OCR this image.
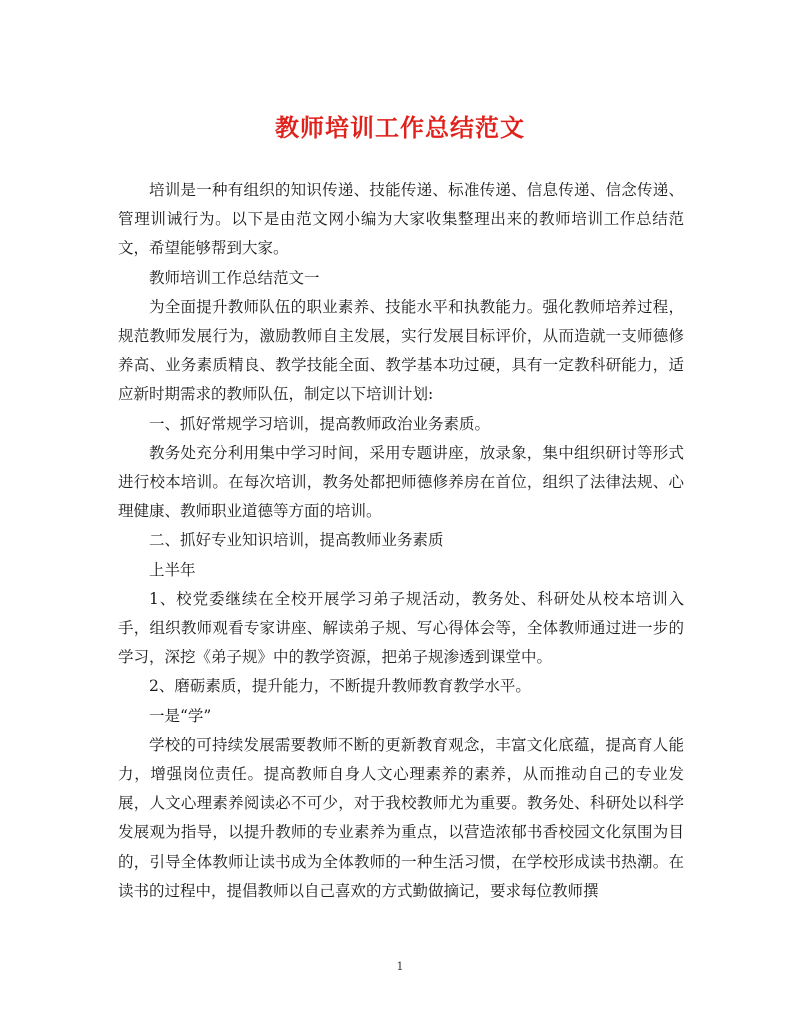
教师培训工作总结范文

培训是一种有组织的知识传递、技能传递、标准传递、信息传递、信念传递、管理训诫行为。以下是由范文网小编为大家收集整理出来的教师培训工作总结范文，希望能够帮到大家。

教师培训工作总结范文一

为全面提升教师队伍的职业素养、技能水平和执教能力。强化教师培养过程，规范教师发展行为，激励教师自主发展，实行发展目标评价，从而造就一支师德修养高、业务素质精良、教学技能全面、教学基本功过硬，具有一定教科研能力，适应新时期需求的教师队伍，制定以下培训计划:

一、抓好常规学习培训，提高教师政治业务素质。

教务处充分利用集中学习时间，采用专题讲座，放录象，集中组织研讨等形式进行校本培训。在每次培训，教务处都把师德修养房在首位，组织了法律法规、心理健康、教师职业道德等方面的培训。

二、抓好专业知识培训，提高教师业务素质

上半年

1、校党委继续在全校开展学习弟子规活动，教务处、科研处从校本培训入手，组织教师观看专家讲座、解读弟子规、写心得体会等，全体教师通过进一步的学习，深挖《弟子规》中的教学资源，把弟子规渗透到课堂中。

2、磨砺素质，提升能力，不断提升教师教育教学水平。

一是“学”

学校的可持续发展需要教师不断的更新教育观念，丰富文化底蕴，提高育人能力，增强岗位责任。提高教师自身人文心理素养的素养，从而推动自己的专业发展，人文心理素养阅读必不可少，对于我校教师尤为重要。教务处、科研处以科学发展观为指导，以提升教师的专业素养为重点，以营造浓郁书香校园文化氛围为目的，引导全体教师让读书成为全体教师的一种生活习惯，在学校形成读书热潮。在读书的过程中，提倡教师以自己喜欢的方式勤做摘记，要求每位教师撰

1
